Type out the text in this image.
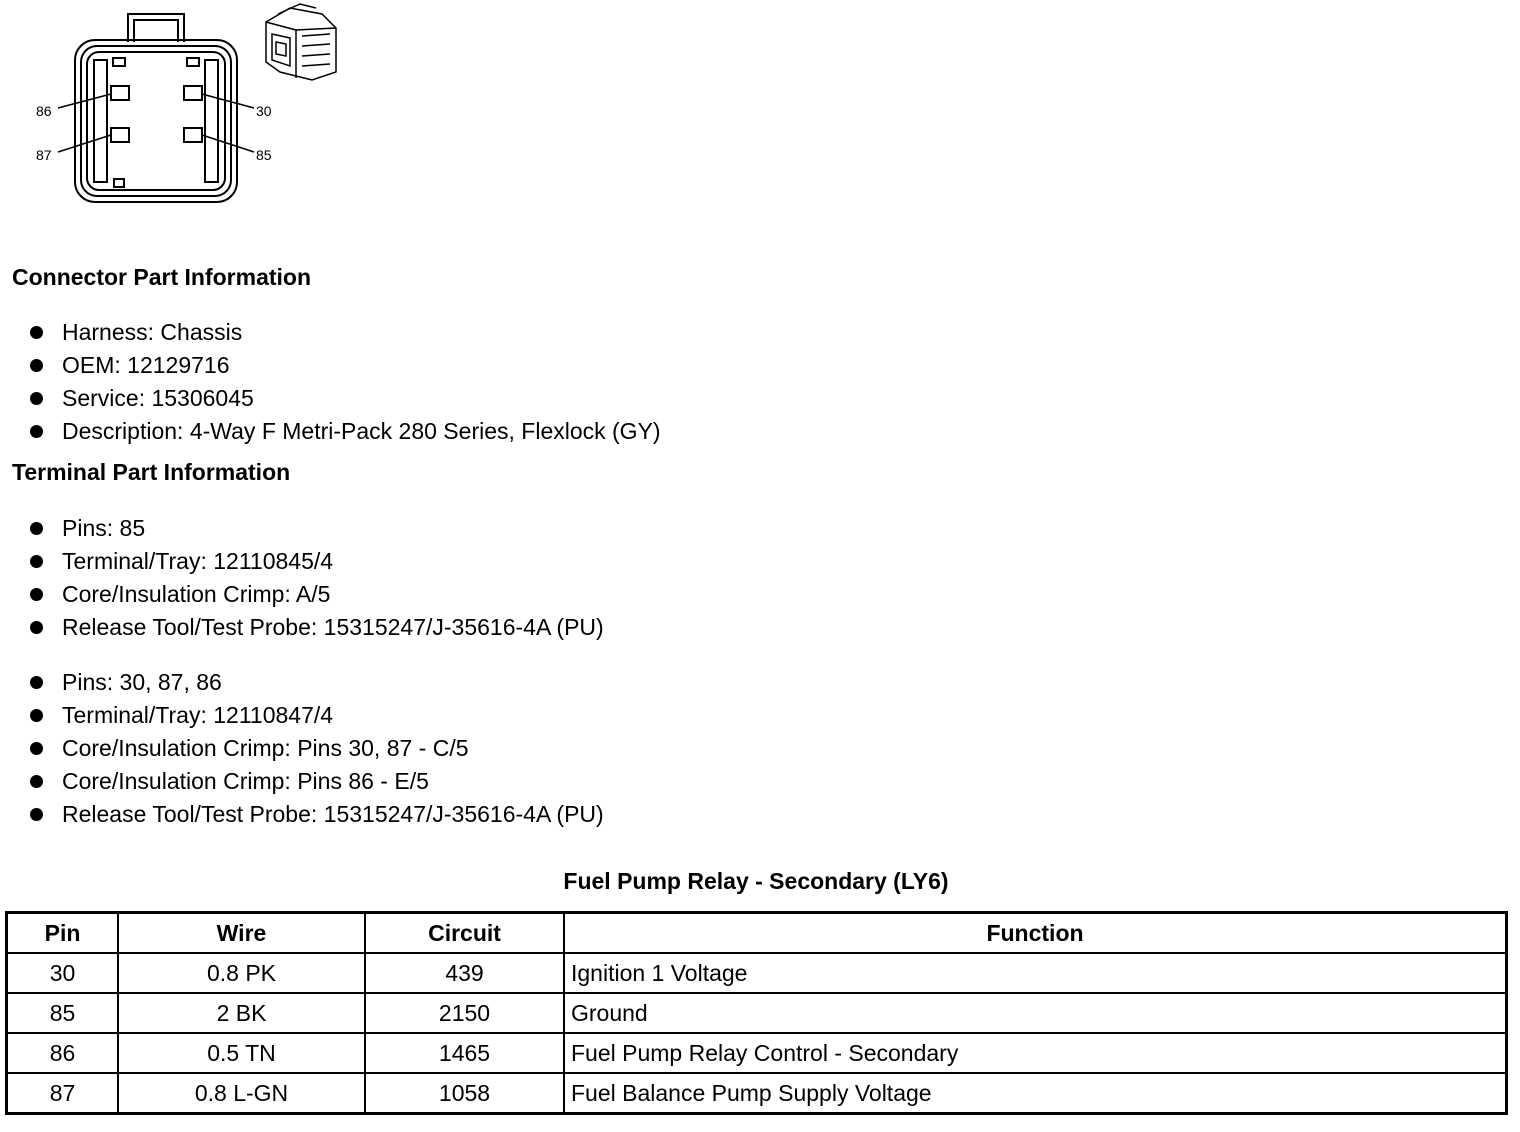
86
87
30
85
Connector Part Information
Harness: Chassis
OEM: 12129716
Service: 15306045
Description: 4-Way F Metri-Pack 280 Series, Flexlock (GY)
Terminal Part Information
Pins: 85
Terminal/Tray: 12110845/4
Core/Insulation Crimp: A/5
Release Tool/Test Probe: 15315247/J-35616-4A (PU)
Pins: 30, 87, 86
Terminal/Tray: 12110847/4
Core/Insulation Crimp: Pins 30, 87 - C/5
Core/Insulation Crimp: Pins 86 - E/5
Release Tool/Test Probe: 15315247/J-35616-4A (PU)
Fuel Pump Relay - Secondary (LY6)
Pin	Wire	Circuit	Function
30	0.8 PK	439	Ignition 1 Voltage
85	2 BK	2150	Ground
86	0.5 TN	1465	Fuel Pump Relay Control - Secondary
87	0.8 L-GN	1058	Fuel Balance Pump Supply Voltage
